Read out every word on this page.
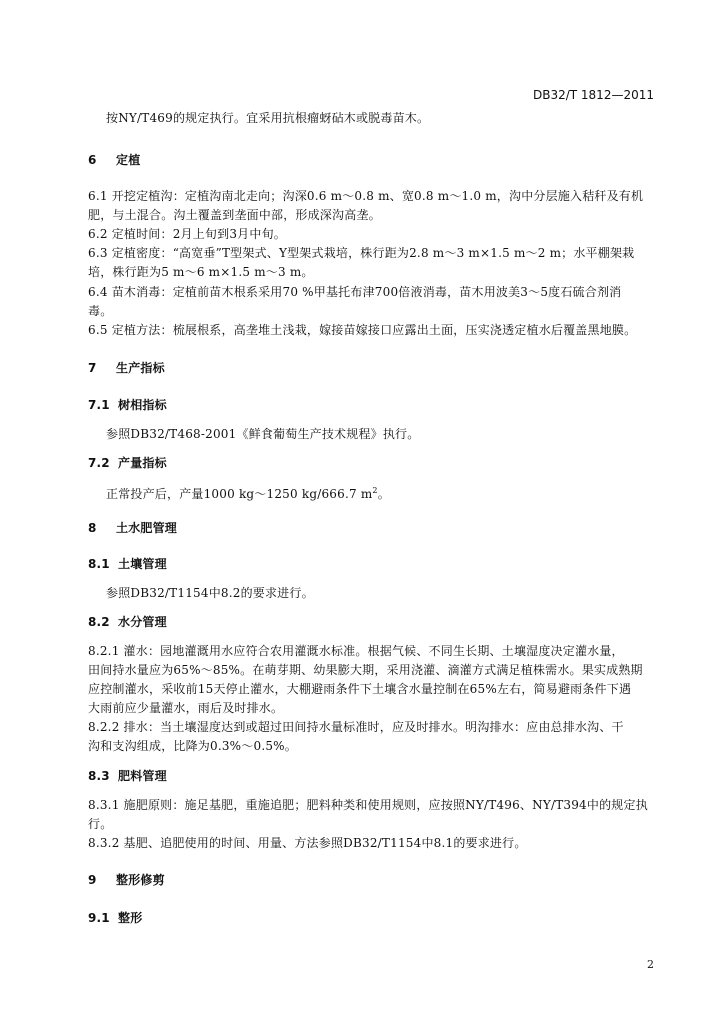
DB32/T 1812—2011
按NY/T469的规定执行。宜采用抗根瘤蚜砧木或脱毒苗木。
6 定植
6.1 开挖定植沟：定植沟南北走向；沟深0.6 m～0.8 m、宽0.8 m～1.0 m，沟中分层施入秸秆及有机
肥，与土混合。沟土覆盖到垄面中部，形成深沟高垄。
6.2 定植时间：2月上旬到3月中旬。
6.3 定植密度：“高宽垂”T型架式、Y型架式栽培，株行距为2.8 m～3 m×1.5 m～2 m；水平棚架栽
培，株行距为5 m～6 m×1.5 m～3 m。
6.4 苗木消毒：定植前苗木根系采用70 %甲基托布津700倍液消毒，苗木用波美3～5度石硫合剂消
毒。
6.5 定植方法：梳展根系，高垄堆土浅栽，嫁接苗嫁接口应露出土面，压实浇透定植水后覆盖黑地膜。
7 生产指标
7.1 树相指标
参照DB32/T468-2001《鲜食葡萄生产技术规程》执行。
7.2 产量指标
正常投产后，产量1000 kg～1250 kg/666.7 $m^2$。
8 土水肥管理
8.1 土壤管理
参照DB32/T1154中8.2的要求进行。
8.2 水分管理
8.2.1 灌水：园地灌溉用水应符合农用灌溉水标准。根据气候、不同生长期、土壤湿度决定灌水量，
田间持水量应为65%～85%。在萌芽期、幼果膨大期，采用浇灌、滴灌方式满足植株需水。果实成熟期
应控制灌水，采收前15天停止灌水，大棚避雨条件下土壤含水量控制在65%左右，简易避雨条件下遇
大雨前应少量灌水，雨后及时排水。
8.2.2 排水：当土壤湿度达到或超过田间持水量标准时，应及时排水。明沟排水：应由总排水沟、干
沟和支沟组成，比降为0.3%～0.5%。
8.3 肥料管理
8.3.1 施肥原则：施足基肥，重施追肥；肥料种类和使用规则，应按照NY/T496、NY/T394中的规定执
行。
8.3.2 基肥、追肥使用的时间、用量、方法参照DB32/T1154中8.1的要求进行。
9 整形修剪
9.1 整形
2
